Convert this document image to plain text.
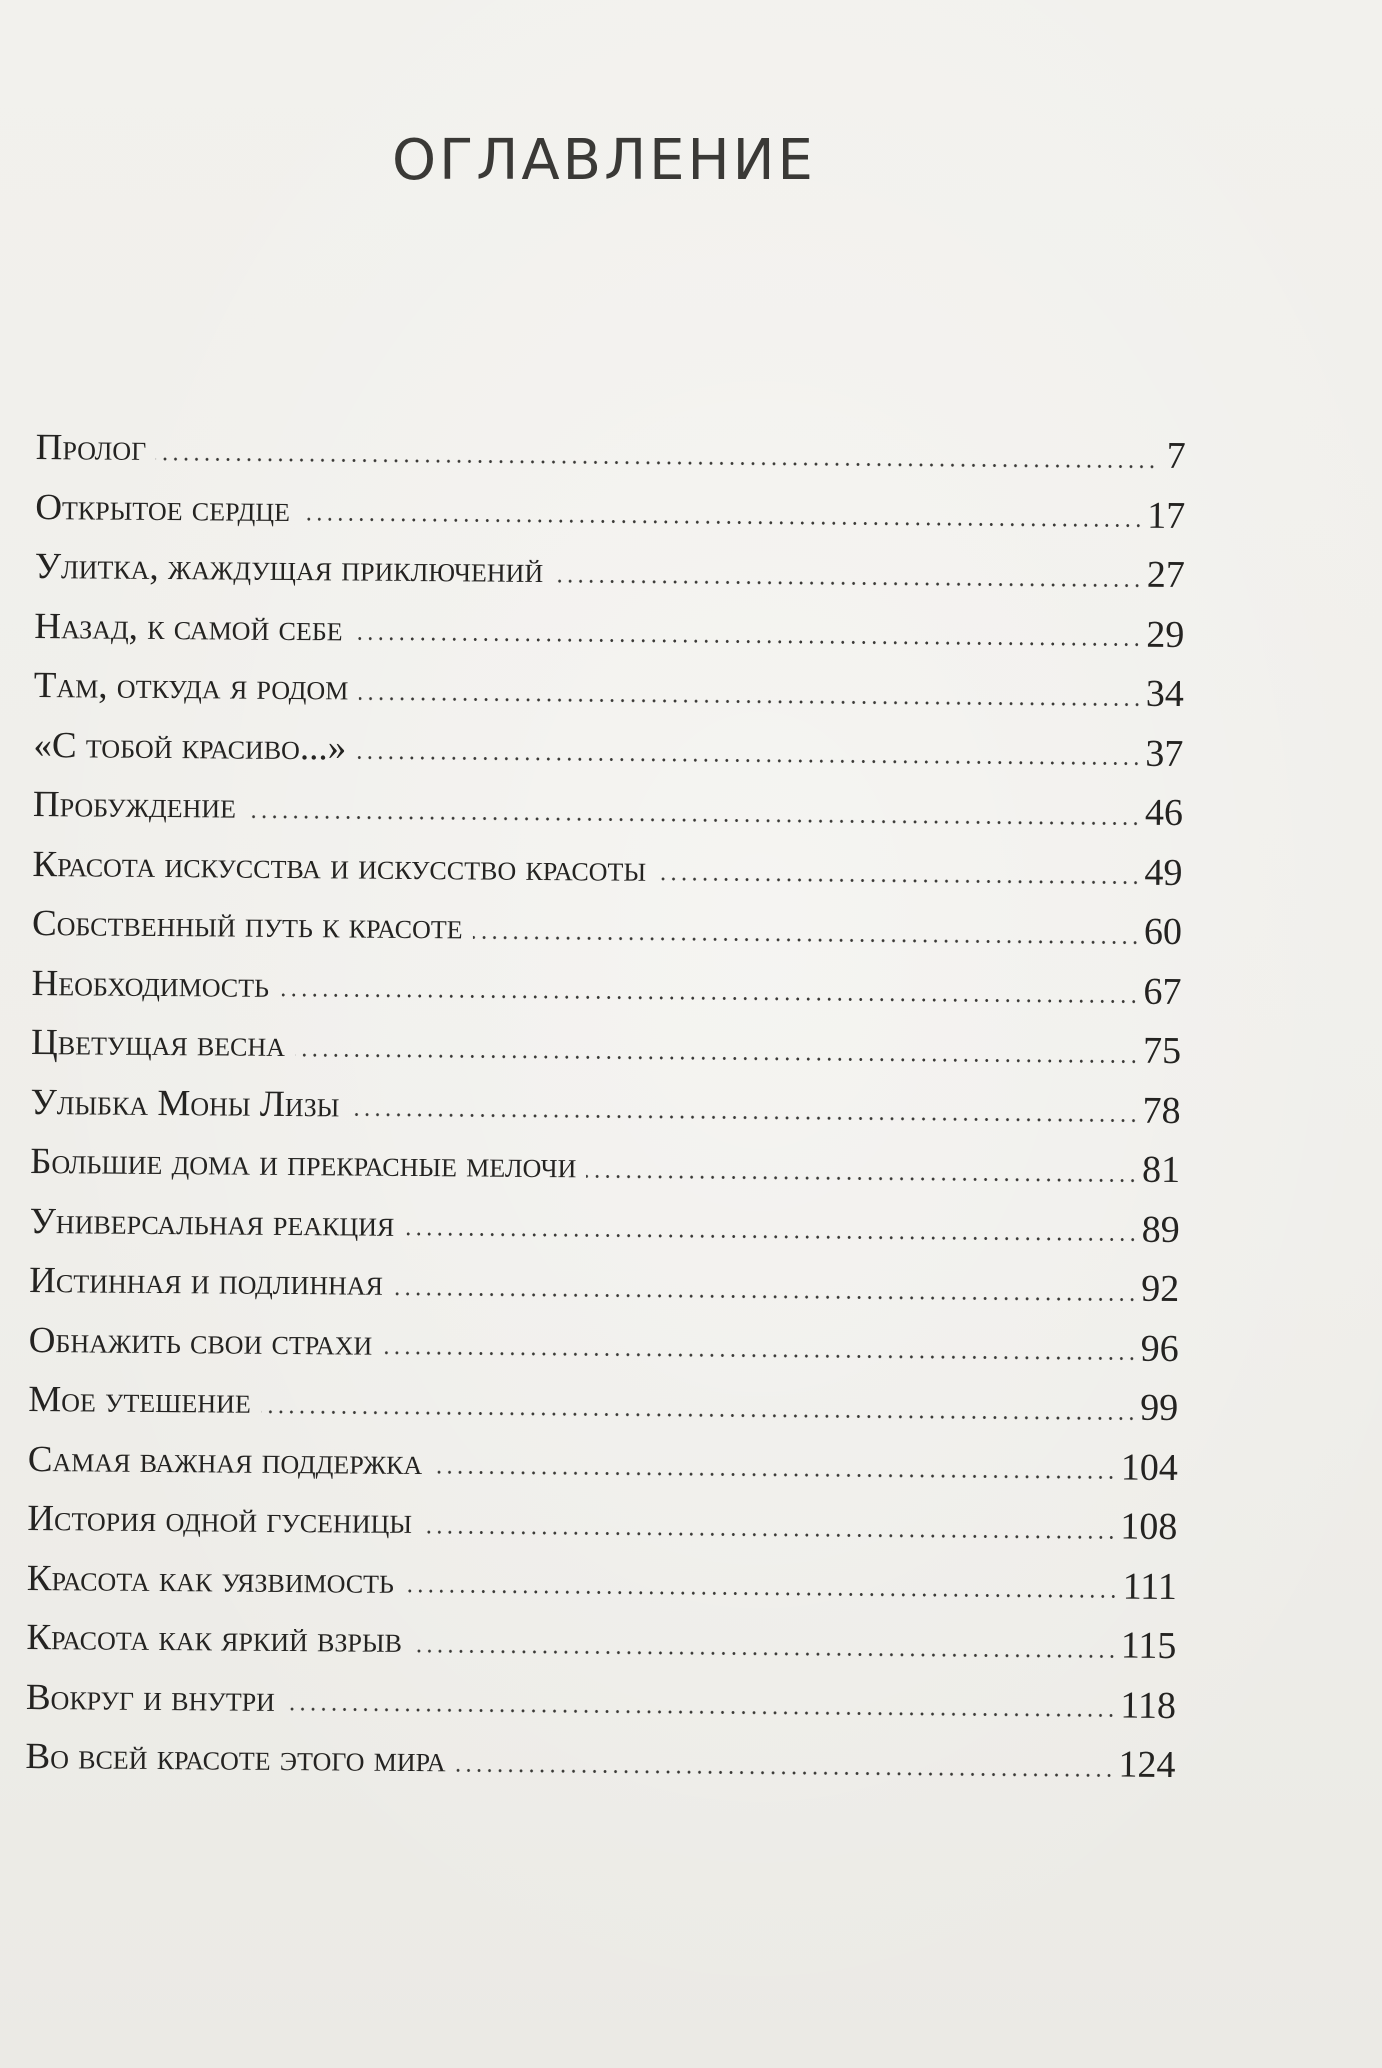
ОГЛАВЛЕНИЕ
Пролог	7
Открытое сердце	17
Улитка, жаждущая приключений	27
Назад, к самой себе	29
Там, откуда я родом	34
«С тобой красиво...»	37
Пробуждение	46
Красота искусства и искусство красоты	49
Собственный путь к красоте	60
Необходимость	67
Цветущая весна	75
Улыбка Моны Лизы	78
Большие дома и прекрасные мелочи	81
Универсальная реакция	89
Истинная и подлинная	92
Обнажить свои страхи	96
Мое утешение	99
Самая важная поддержка	104
История одной гусеницы	108
Красота как уязвимость	111
Красота как яркий взрыв	115
Вокруг и внутри	118
Во всей красоте этого мира	124
